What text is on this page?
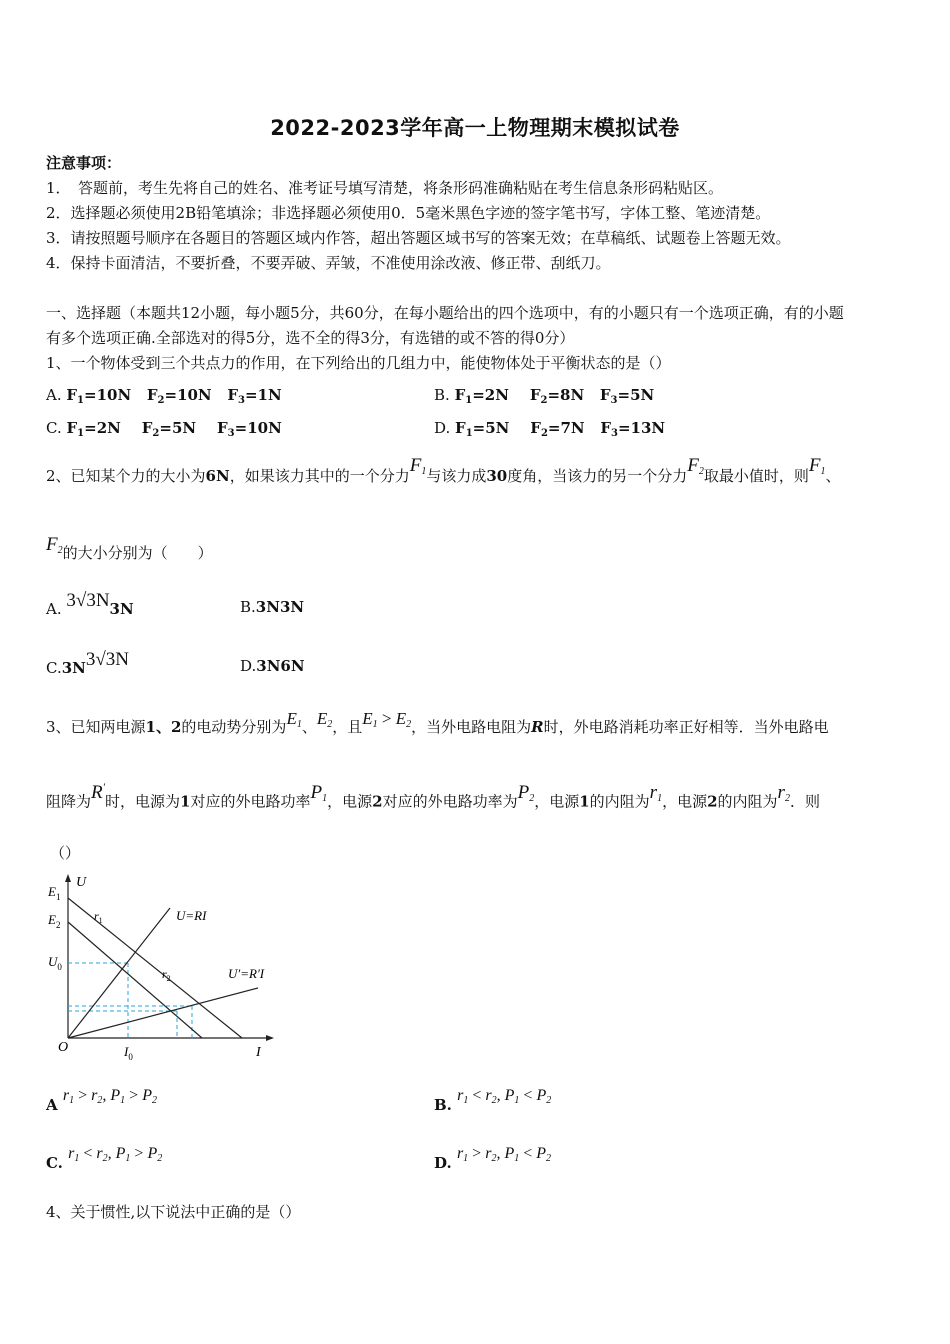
2022-2023学年高一上物理期末模拟试卷
注意事项：
1．　答题前，考生先将自己的姓名、准考证号填写清楚，将条形码准确粘贴在考生信息条形码粘贴区。
2．选择题必须使用2B铅笔填涂；非选择题必须使用0．5毫米黑色字迹的签字笔书写，字体工整、笔迹清楚。
3．请按照题号顺序在各题目的答题区域内作答，超出答题区域书写的答案无效；在草稿纸、试题卷上答题无效。
4．保持卡面清洁，不要折叠，不要弄破、弄皱，不准使用涂改液、修正带、刮纸刀。
一、选择题（本题共12小题，每小题5分，共60分，在每小题给出的四个选项中，有的小题只有一个选项正确，有的小题
有多个选项正确.全部选对的得5分，选不全的得3分，有选错的或不答的得0分）
1、一个物体受到三个共点力的作用，在下列给出的几组力中，能使物体处于平衡状态的是（）
A. $F_1=10N$   $F_2=10N$   $F_3=1N$	B. $F_1=2N$    $F_2=8N$   $F_3=5N$
C. $F_1=2N$    $F_2=5N$    $F_3=10N$	D. $F_1=5N$    $F_2=7N$   $F_3=13N$
2、已知某个力的大小为6N，如果该力其中的一个分力$F_1$与该力成30度角，当该力的另一个分力$F_2$取最小值时，则$F_1$、
$F_2$的大小分别为（　　）
A. 3√3N3N	B.3N3N
C.3N3√3N	D.3N6N
3、已知两电源1、2的电动势分别为$E_1$、$E_2$，且$E_1 > E_2$，当外电路电阻为R时，外电路消耗功率正好相等．当外电路电
阻降为R′时，电源为1对应的外电路功率$P_1$，电源2对应的外电路功率为$P_2$，电源1的内阻为$r_1$，电源2的内阻为$r_2$．则
（）
U
$E_1$
$E_2$
$U_0$
O	$I_0$	I
$r_1$
$r_2$
U=RI
U′=R′I
A $r_1 > r_2$, $P_1 > P_2$	B. $r_1 < r_2$, $P_1 < P_2$
C. $r_1 < r_2$, $P_1 > P_2$	D. $r_1 > r_2$, $P_1 < P_2$
4、关于惯性,以下说法中正确的是（）
